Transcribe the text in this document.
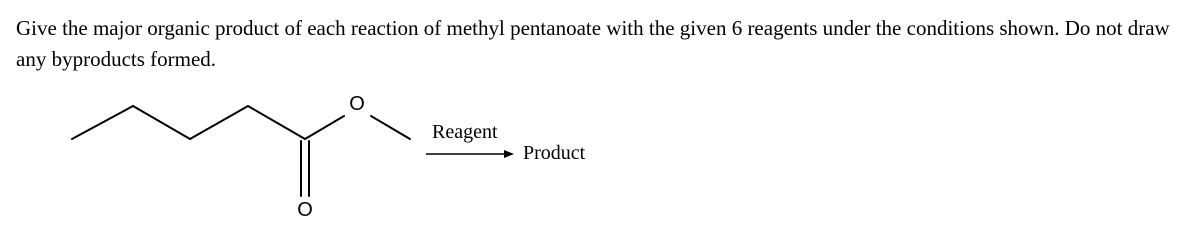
Give the major organic product of each reaction of methyl pentanoate with the given 6 reagents under the conditions shown. Do not draw any byproducts formed.

O
O
Reagent
Product
